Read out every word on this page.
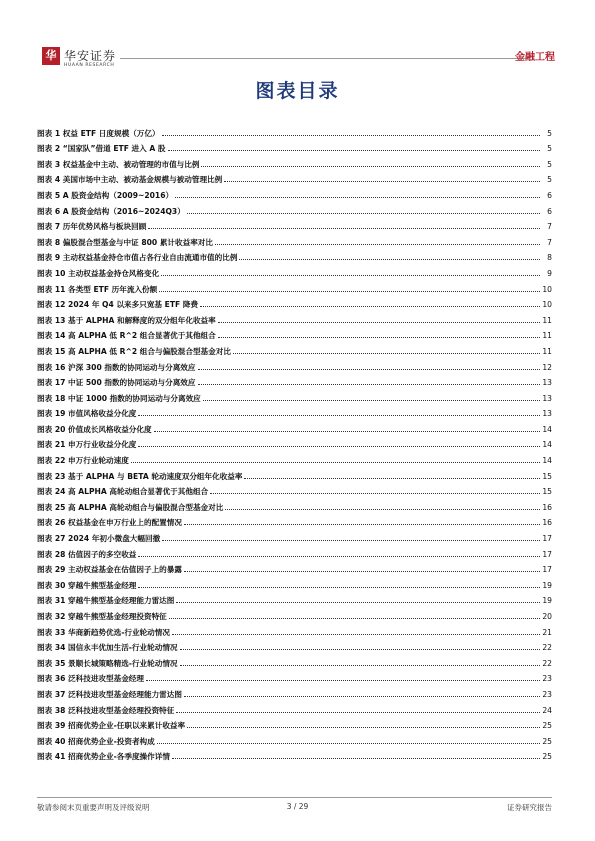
华 华安证券
HUAAN RESEARCH
金融工程
图表目录
图表 1 权益 ETF 日度规模（万亿）	5
图表 2 “国家队”借道 ETF 进入 A 股	5
图表 3 权益基金中主动、被动管理的市值与比例	5
图表 4 美国市场中主动、被动基金规模与被动管理比例	5
图表 5 A 股资金结构（2009~2016）	6
图表 6 A 股资金结构（2016~2024Q3）	6
图表 7 历年优势风格与板块回顾	7
图表 8 偏股混合型基金与中证 800 累计收益率对比	7
图表 9 主动权益基金持仓市值占各行业自由流通市值的比例	8
图表 10 主动权益基金持仓风格变化	9
图表 11 各类型 ETF 历年流入份额	10
图表 12 2024 年 Q4 以来多只宽基 ETF 降费	10
图表 13 基于 ALPHA 和解释度的双分组年化收益率	11
图表 14 高 ALPHA 低 R^2 组合显著优于其他组合	11
图表 15 高 ALPHA 低 R^2 组合与偏股混合型基金对比	11
图表 16 沪深 300 指数的协同运动与分离效应	12
图表 17 中证 500 指数的协同运动与分离效应	13
图表 18 中证 1000 指数的协同运动与分离效应	13
图表 19 市值风格收益分化度	13
图表 20 价值成长风格收益分化度	14
图表 21 申万行业收益分化度	14
图表 22 申万行业轮动速度	14
图表 23 基于 ALPHA 与 BETA 轮动速度双分组年化收益率	15
图表 24 高 ALPHA 高轮动组合显著优于其他组合	15
图表 25 高 ALPHA 高轮动组合与偏股混合型基金对比	16
图表 26 权益基金在申万行业上的配置情况	16
图表 27 2024 年初小微盘大幅回撤	17
图表 28 估值因子的多空收益	17
图表 29 主动权益基金在估值因子上的暴露	17
图表 30 穿越牛熊型基金经理	19
图表 31 穿越牛熊型基金经理能力雷达图	19
图表 32 穿越牛熊型基金经理投资特征	20
图表 33 华商新趋势优选-行业轮动情况	21
图表 34 国信永丰优加生活-行业轮动情况	22
图表 35 景顺长城策略精选-行业轮动情况	22
图表 36 泛科技进攻型基金经理	23
图表 37 泛科技进攻型基金经理能力雷达图	23
图表 38 泛科技进攻型基金经理投资特征	24
图表 39 招商优势企业-任职以来累计收益率	25
图表 40 招商优势企业-投资者构成	25
图表 41 招商优势企业-各季度操作详情	25
敬请参阅末页重要声明及评级说明	3 / 29	证券研究报告
